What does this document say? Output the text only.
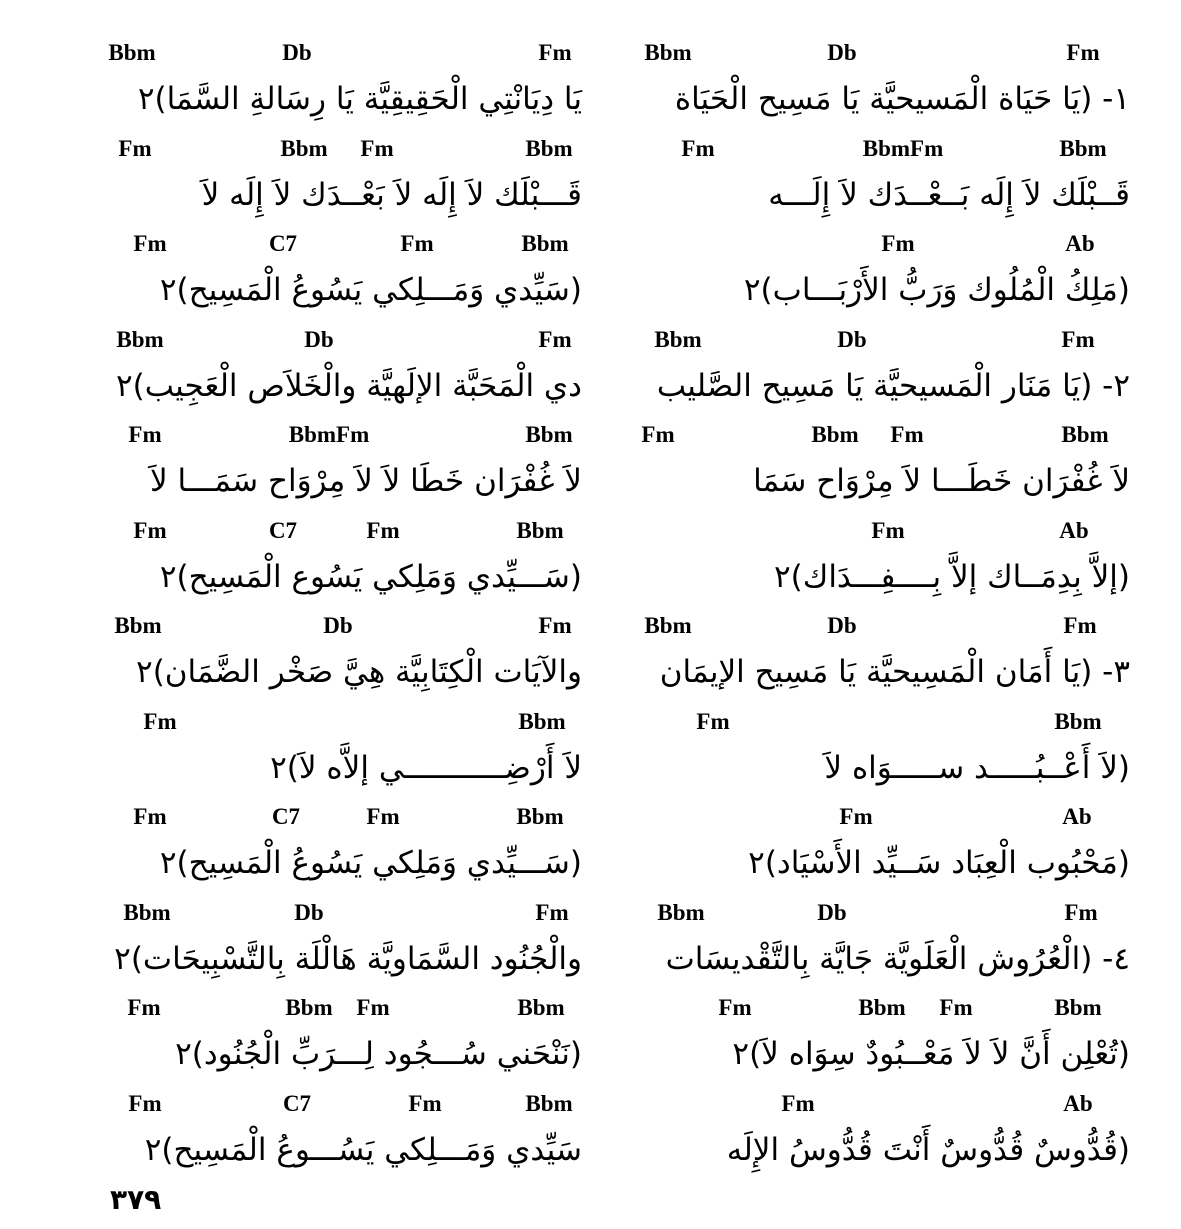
Bbm	Db	Fm
١- (يَا حَيَاة الْمَسيحيَّة يَا مَسِيح الْحَيَاة
Fm	BbmFm	Bbm
قَــبْلَك لاَ إِلَه بَــعْــدَك لاَ إِلَـــه
Fm	Ab
(مَلِكُ الْمُلُوك وَرَبُّ الأَرْبَـــاب)٢
Bbm	Db	Fm
٢- (يَا مَنَار الْمَسيحيَّة يَا مَسِيح الصَّليب
Fm	Bbm Fm	Bbm
لاَ غُفْرَان خَطَـــا لاَ مِرْوَاح سَمَا
Fm	Ab
(إلاَّ بِدِمَــاك إلاَّ بِــــفِـــدَاك)٢
Bbm	Db	Fm
٣- (يَا أَمَان الْمَسِيحيَّة يَا مَسِيح الإيمَان
Fm	Bbm
(لاَ أَعْــبُـــــد ســـــوَاه لاَ
Fm	Ab
(مَحْبُوب الْعِبَاد سَــيِّد الأَسْيَاد)٢
Bbm	Db	Fm
٤- (الْعُرُوش الْعَلَويَّة جَايَّة بِالتَّقْديسَات
Fm	Bbm Fm	Bbm
(تُعْلِن أَنَّ لاَ لاَ مَعْــبُودٌ سِوَاه لاَ)٢
Fm	Ab
(قُدُّوسٌ قُدُّوسٌ أَنْتَ قُدُّوسُ الإِلَه
Bbm	Db	Fm
يَا دِيَانْتِي الْحَقِيقِيَّة يَا رِسَالةِ السَّمَا)٢
Fm	Bbm Fm	Bbm
قَـــبْلَك لاَ إِلَه لاَ بَعْــدَك لاَ إِلَه لاَ
Fm	C7	Fm	Bbm
(سَيِّدي وَمَـــلِكي يَسُوعُ الْمَسِيح)٢
Bbm	Db	Fm
دي الْمَحَبَّة الإلَهيَّة والْخَلاَص الْعَجِيب)٢
Fm	BbmFm	Bbm
لاَ غُفْرَان خَطَا لاَ لاَ مِرْوَاح سَمَـــا لاَ
Fm	C7	Fm	Bbm
(سَـــيِّدي وَمَلِكي يَسُوع الْمَسِيح)٢
Bbm	Db	Fm
والآيَات الْكِتَابِيَّة هِيَّ صَخْر الضَّمَان)٢
Fm	Bbm
لاَ أَرْضِـــــــــــي إلاَّه لاَ)٢
Fm	C7	Fm	Bbm
(سَـــيِّدي وَمَلِكي يَسُوعُ الْمَسِيح)٢
Bbm	Db	Fm
والْجُنُود السَّمَاويَّة هَالْلَة بِالتَّسْبِيحَات)٢
Fm	Bbm Fm	Bbm
(نَنْحَني سُـــجُود لِـــرَبِّ الْجُنُود)٢
Fm	C7	Fm	Bbm
سَيِّدي وَمَـــلِكي يَسُـــوعُ الْمَسِيح)٢
٣٧٩
